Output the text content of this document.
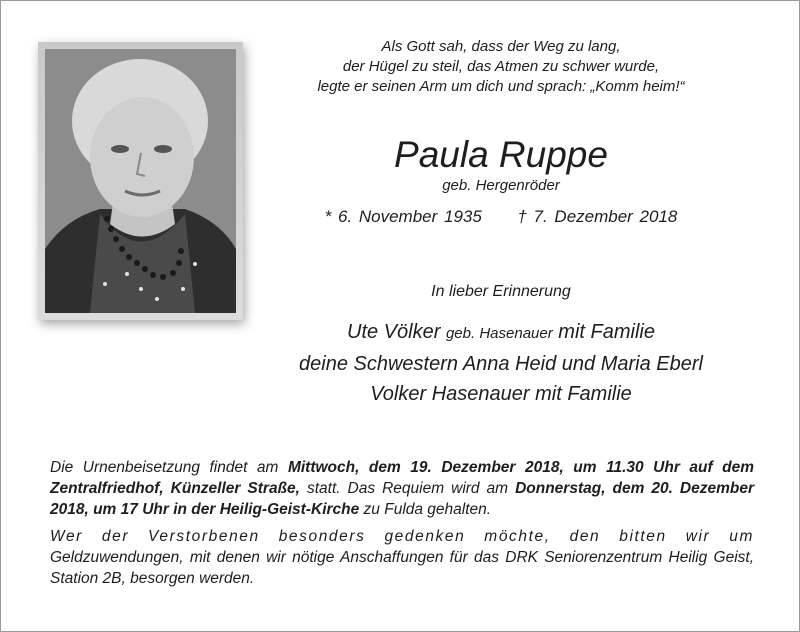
Als Gott sah, dass der Weg zu lang,
der Hügel zu steil, das Atmen zu schwer wurde,
legte er seinen Arm um dich und sprach: „Komm heim!“
Paula Ruppe
geb. Hergenröder
* 6. November 1935 † 7. Dezember 2018
In lieber Erinnerung
Ute Völker geb. Hasenauer mit Familie
deine Schwestern Anna Heid und Maria Eberl
Volker Hasenauer mit Familie

Die Urnenbeisetzung findet am Mittwoch, dem 19. Dezember 2018, um 11.30 Uhr auf dem Zentralfriedhof, Künzeller Straße, statt. Das Requiem wird am Donnerstag, dem 20. Dezember 2018, um 17 Uhr in der Heilig-Geist-Kirche zu Fulda gehalten.

Wer der Verstorbenen besonders gedenken möchte, den bitten wir um Geldzuwendungen, mit denen wir nötige Anschaffungen für das DRK Seniorenzentrum Heilig Geist, Station 2B, besorgen werden.
